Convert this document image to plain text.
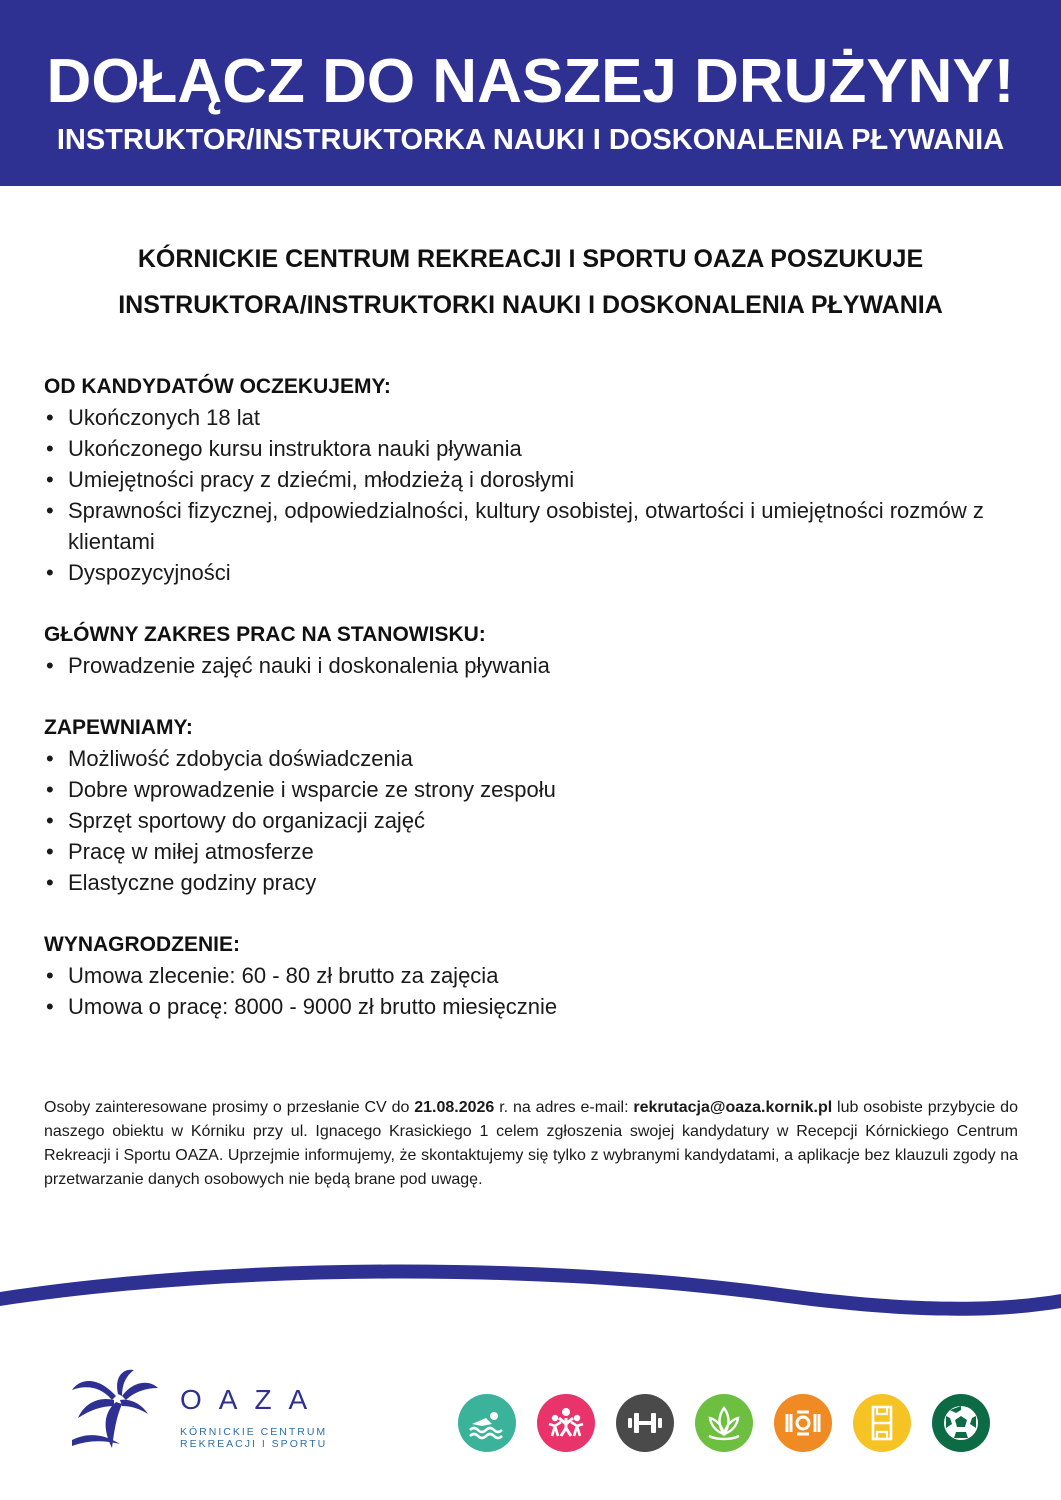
DOŁĄCZ DO NASZEJ DRUŻYNY!
INSTRUKTOR/INSTRUKTORKA NAUKI I DOSKONALENIA PŁYWANIA
KÓRNICKIE CENTRUM REKREACJI I SPORTU OAZA POSZUKUJE
INSTRUKTORA/INSTRUKTORKI NAUKI I DOSKONALENIA PŁYWANIA
OD KANDYDATÓW OCZEKUJEMY:
• Ukończonych 18 lat
• Ukończonego kursu instruktora nauki pływania
• Umiejętności pracy z dziećmi, młodzieżą i dorosłymi
• Sprawności fizycznej, odpowiedzialności, kultury osobistej, otwartości i umiejętności rozmów z klientami
• Dyspozycyjności
GŁÓWNY ZAKRES PRAC NA STANOWISKU:
• Prowadzenie zajęć nauki i doskonalenia pływania
ZAPEWNIAMY:
• Możliwość zdobycia doświadczenia
• Dobre wprowadzenie i wsparcie ze strony zespołu
• Sprzęt sportowy do organizacji zajęć
• Pracę w miłej atmosferze
• Elastyczne godziny pracy
WYNAGRODZENIE:
• Umowa zlecenie: 60 - 80 zł brutto za zajęcia
• Umowa o pracę: 8000 - 9000 zł brutto miesięcznie
Osoby zainteresowane prosimy o przesłanie CV do 21.08.2026 r. na adres e-mail: rekrutacja@oaza.kornik.pl lub osobiste przybycie do naszego obiektu w Kórniku przy ul. Ignacego Krasickiego 1 celem zgłoszenia swojej kandydatury w Recepcji Kórnickiego Centrum Rekreacji i Sportu OAZA. Uprzejmie informujemy, że skontaktujemy się tylko z wybranymi kandydatami, a aplikacje bez klauzuli zgody na przetwarzanie danych osobowych nie będą brane pod uwagę.
OAZA
KÓRNICKIE CENTRUM
REKREACJI I SPORTU
